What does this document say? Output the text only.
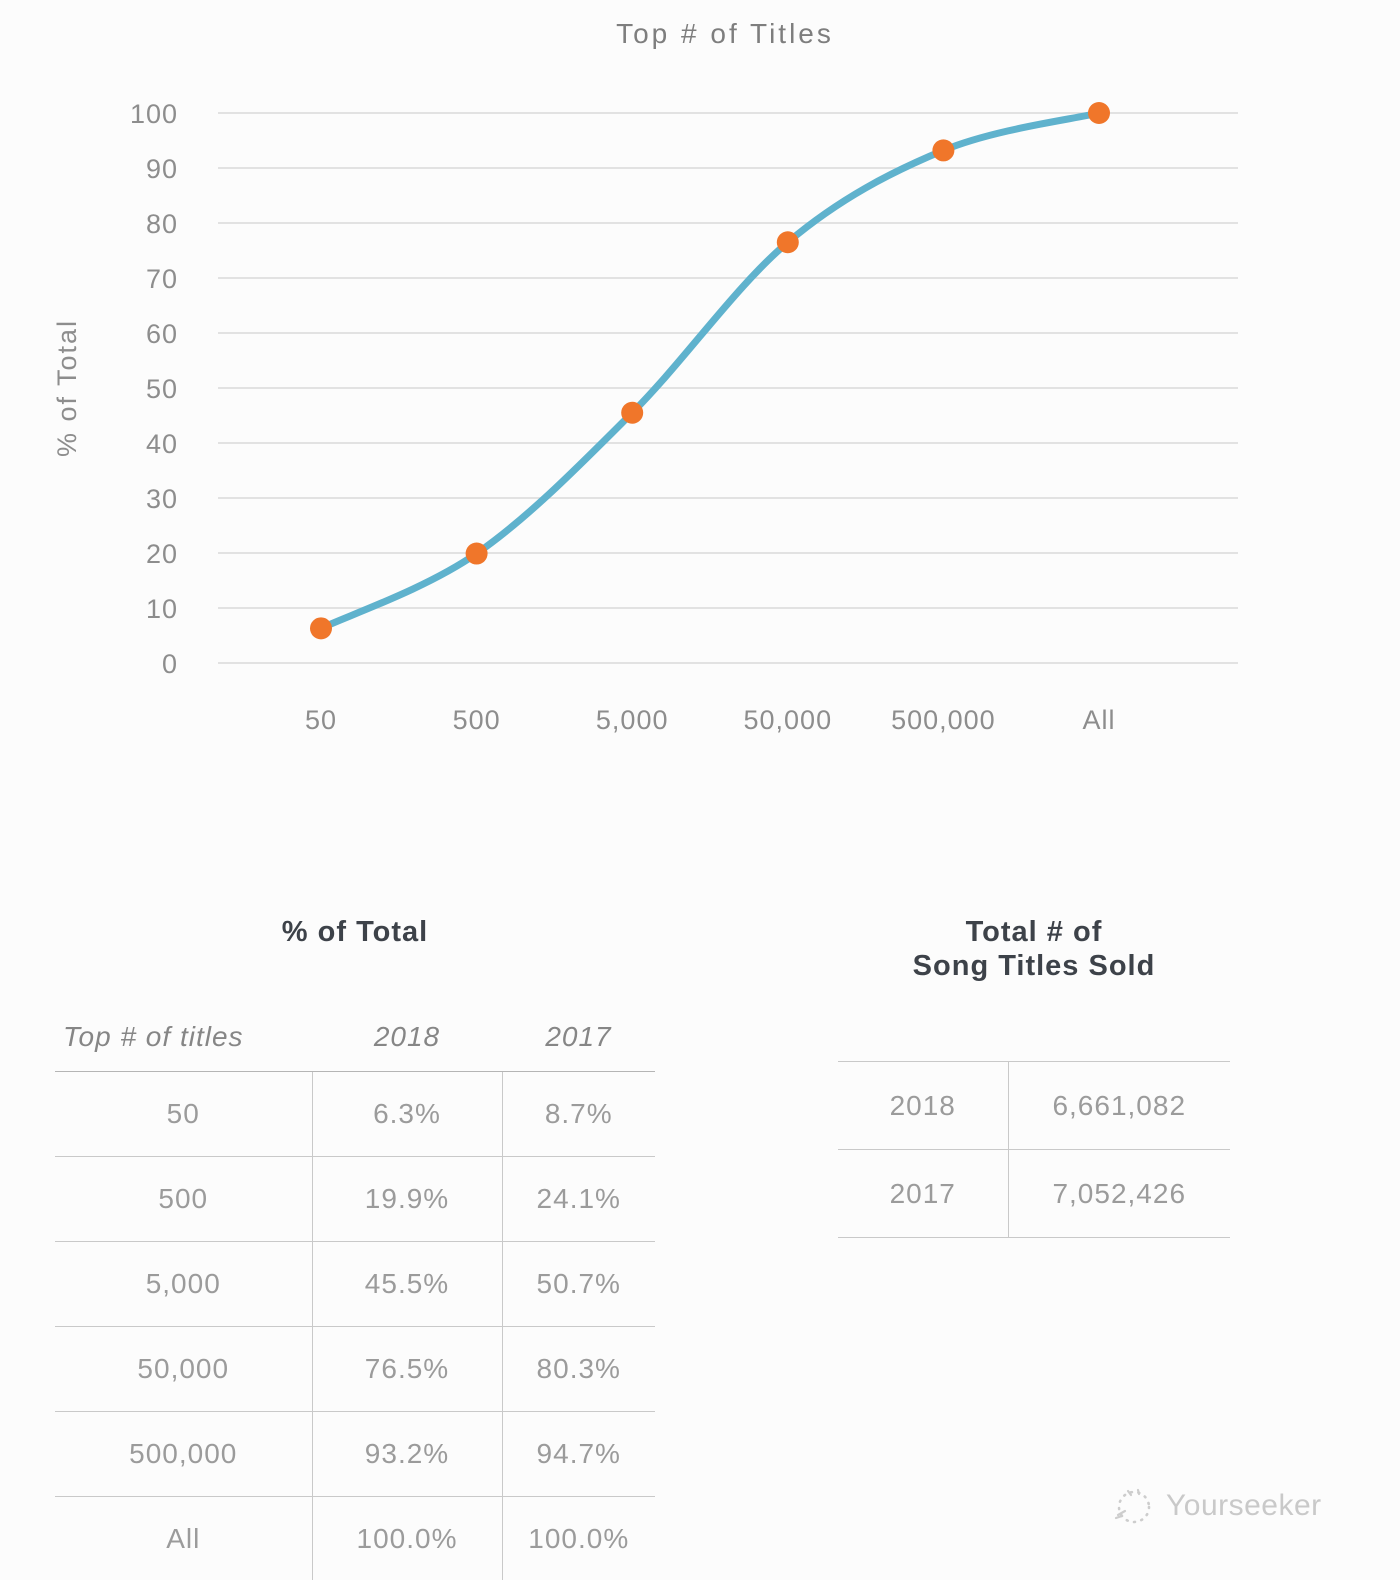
Top # of Titles
0
10
20
30
40
50
60
70
80
90
100
50	500	5,000	50,000 500,000	All
% of Total
% of Total
Top # of titles	2018	2017
50	6.3%	8.7%
500	19.9%	24.1%
5,000	45.5%	50.7%
50,000	76.5%	80.3%
500,000	93.2%	94.7%
All	100.0%	100.0%
Total # of
Song Titles Sold
2018	6,661,082
2017	7,052,426
Yourseeker
